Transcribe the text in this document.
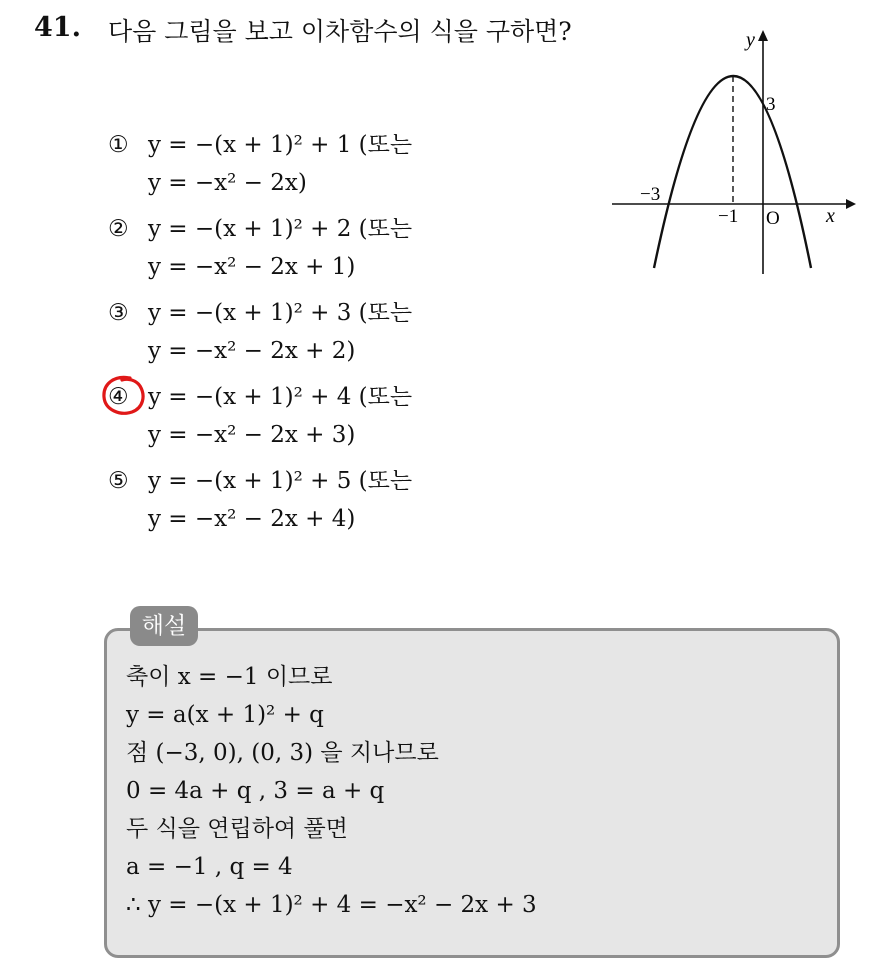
41. 다음 그림을 보고 이차함수의 식을 구하면?
① y = −(x + 1)² + 1 (또는
y = −x² − 2x)
② y = −(x + 1)² + 2 (또는
y = −x² − 2x + 1)
③ y = −(x + 1)² + 3 (또는
y = −x² − 2x + 2)
④ y = −(x + 1)² + 4 (또는
y = −x² − 2x + 3)
⑤ y = −(x + 1)² + 5 (또는
y = −x² − 2x + 4)
y
x
O
−3
−1
3
해설
축이 x = −1 이므로
y = a(x + 1)² + q
점 (−3, 0), (0, 3) 을 지나므로
0 = 4a + q , 3 = a + q
두 식을 연립하여 풀면
a = −1 , q = 4
∴ y = −(x + 1)² + 4 = −x² − 2x + 3
